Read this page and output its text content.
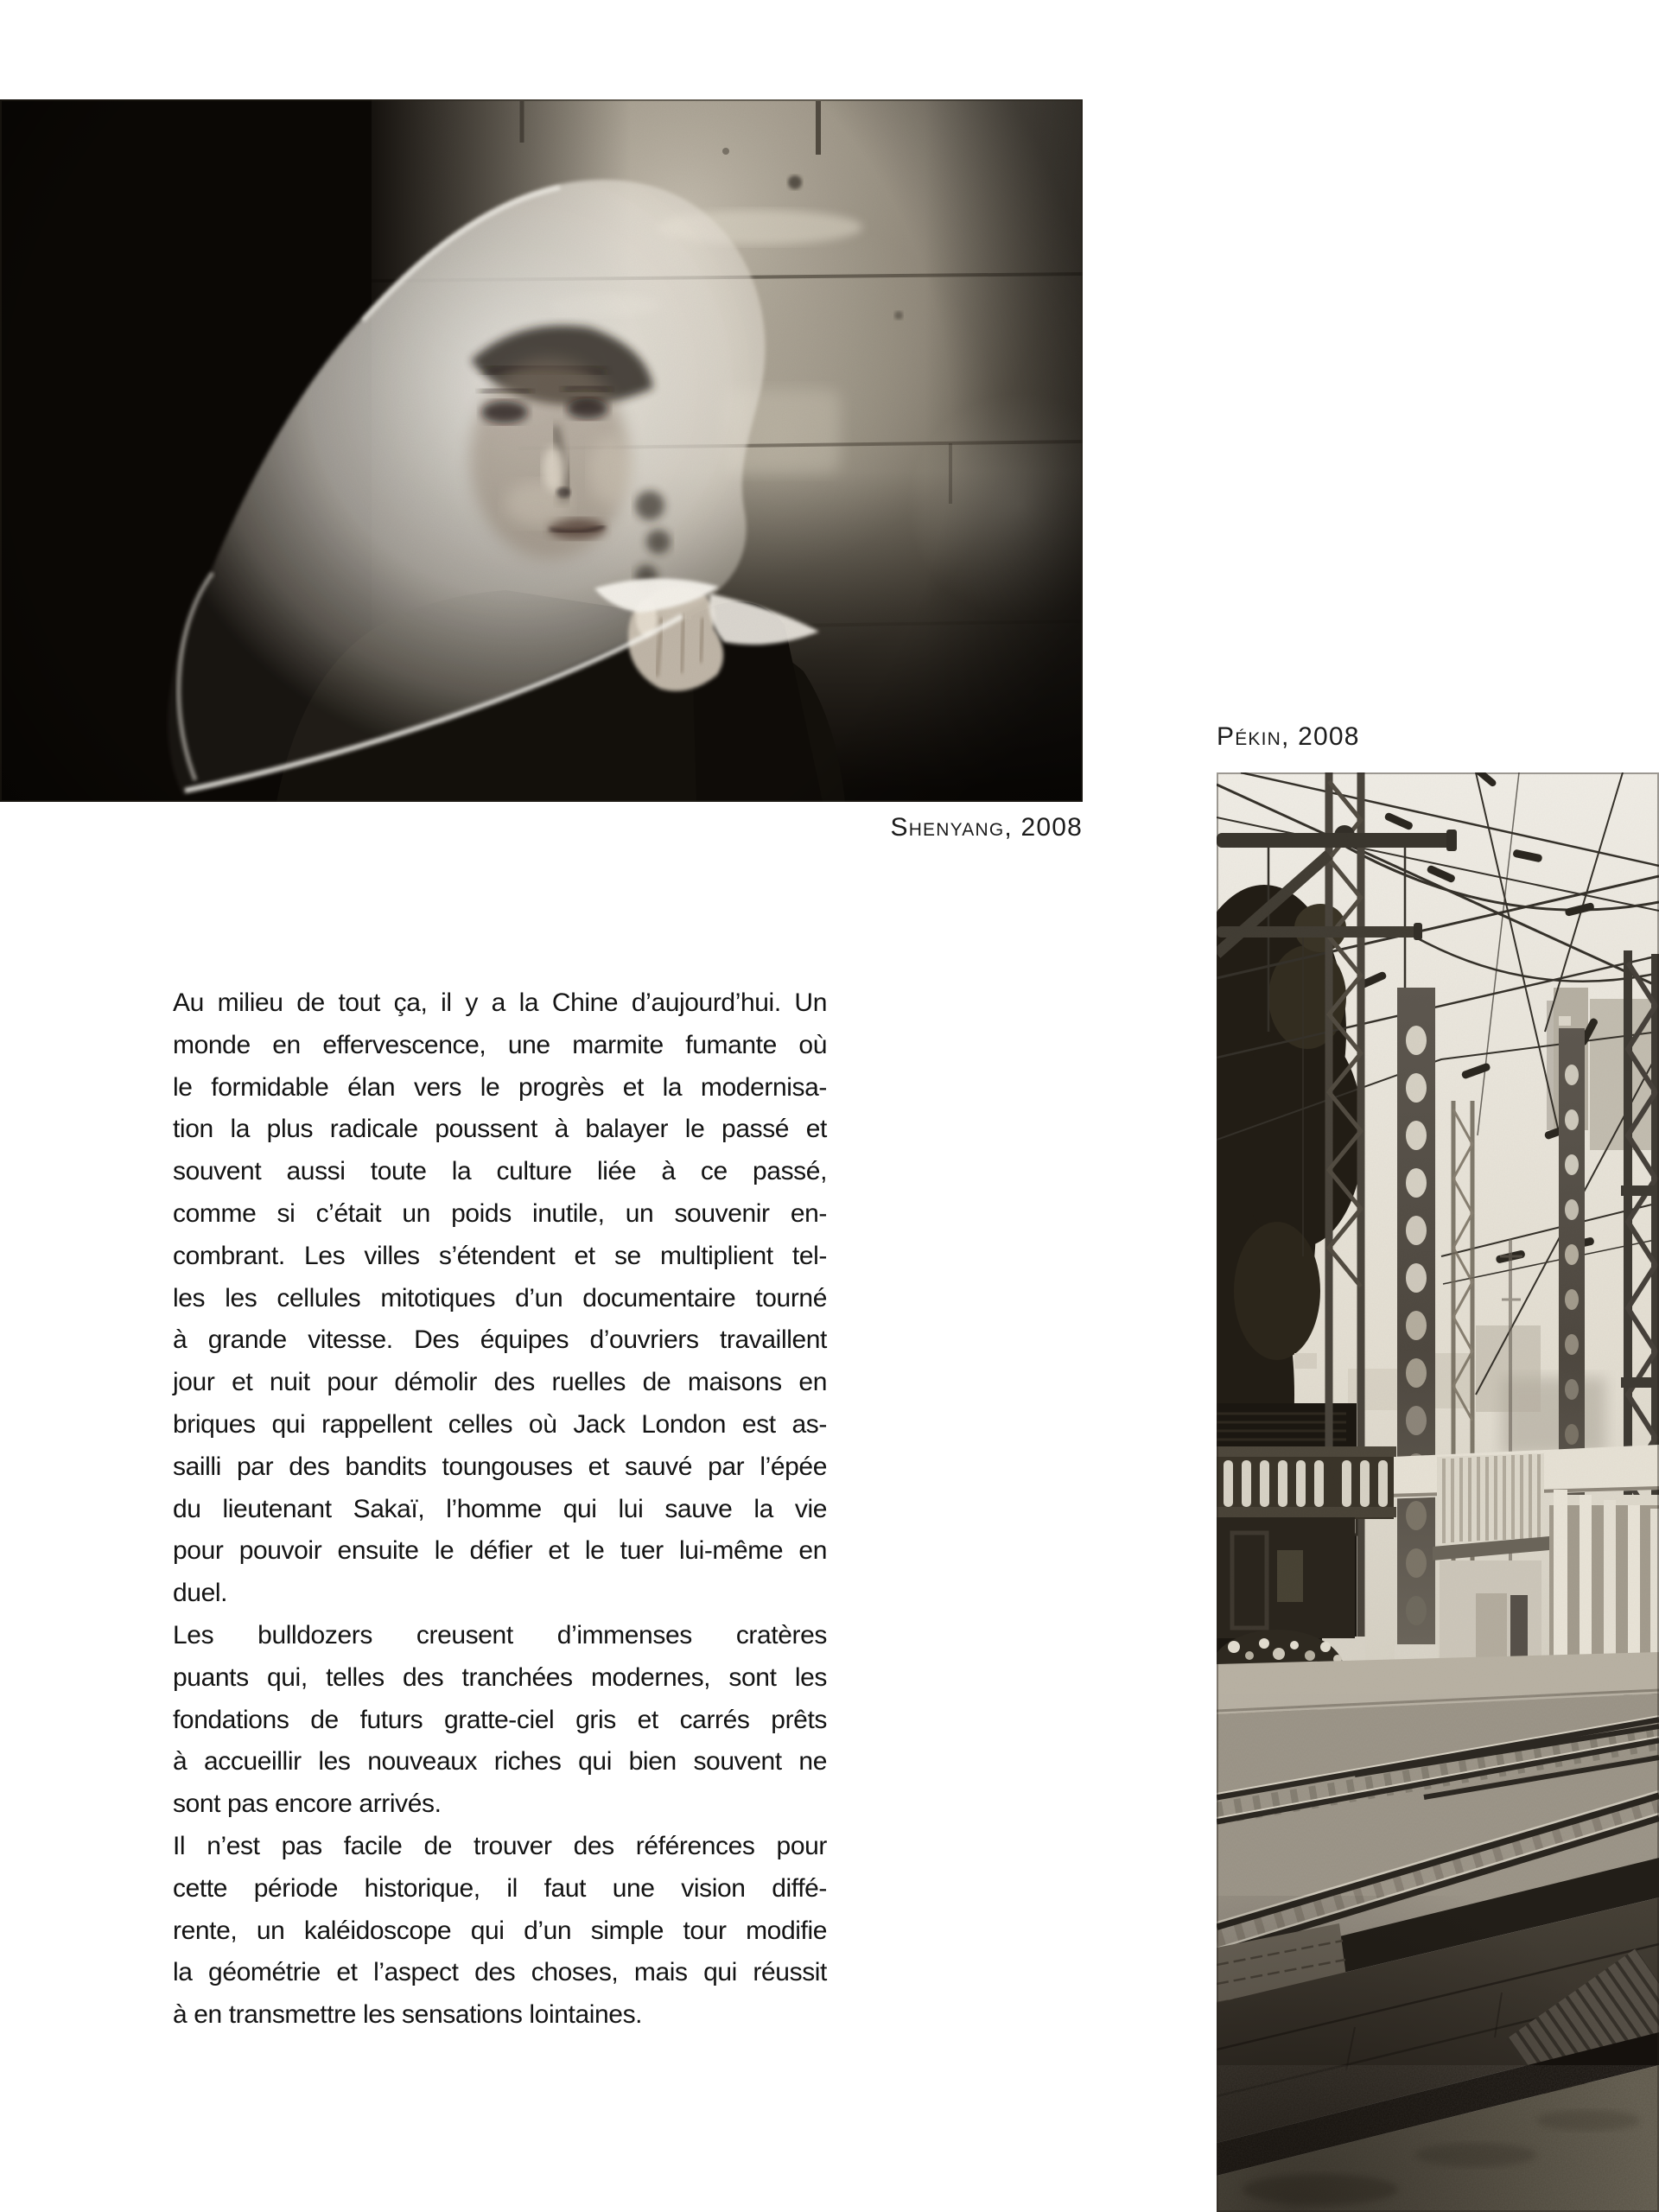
Shenyang, 2008
Pékin, 2008
Au milieu de tout ça, il y a la Chine d’aujourd’hui. Un
monde en effervescence, une marmite fumante où
le formidable élan vers le progrès et la modernisa-
tion la plus radicale poussent à balayer le passé et
souvent aussi toute la culture liée à ce passé,
comme si c’était un poids inutile, un souvenir en-
combrant. Les villes s’étendent et se multiplient tel-
les les cellules mitotiques d’un documentaire tourné
à grande vitesse. Des équipes d’ouvriers travaillent
jour et nuit pour démolir des ruelles de maisons en
briques qui rappellent celles où Jack London est as-
sailli par des bandits toungouses et sauvé par l’épée
du lieutenant Sakaï, l’homme qui lui sauve la vie
pour pouvoir ensuite le défier et le tuer lui-même en
duel.
Les bulldozers creusent d’immenses cratères
puants qui, telles des tranchées modernes, sont les
fondations de futurs gratte-ciel gris et carrés prêts
à accueillir les nouveaux riches qui bien souvent ne
sont pas encore arrivés.
Il n’est pas facile de trouver des références pour
cette période historique, il faut une vision diffé-
rente, un kaléidoscope qui d’un simple tour modifie
la géométrie et l’aspect des choses, mais qui réussit
à en transmettre les sensations lointaines.
